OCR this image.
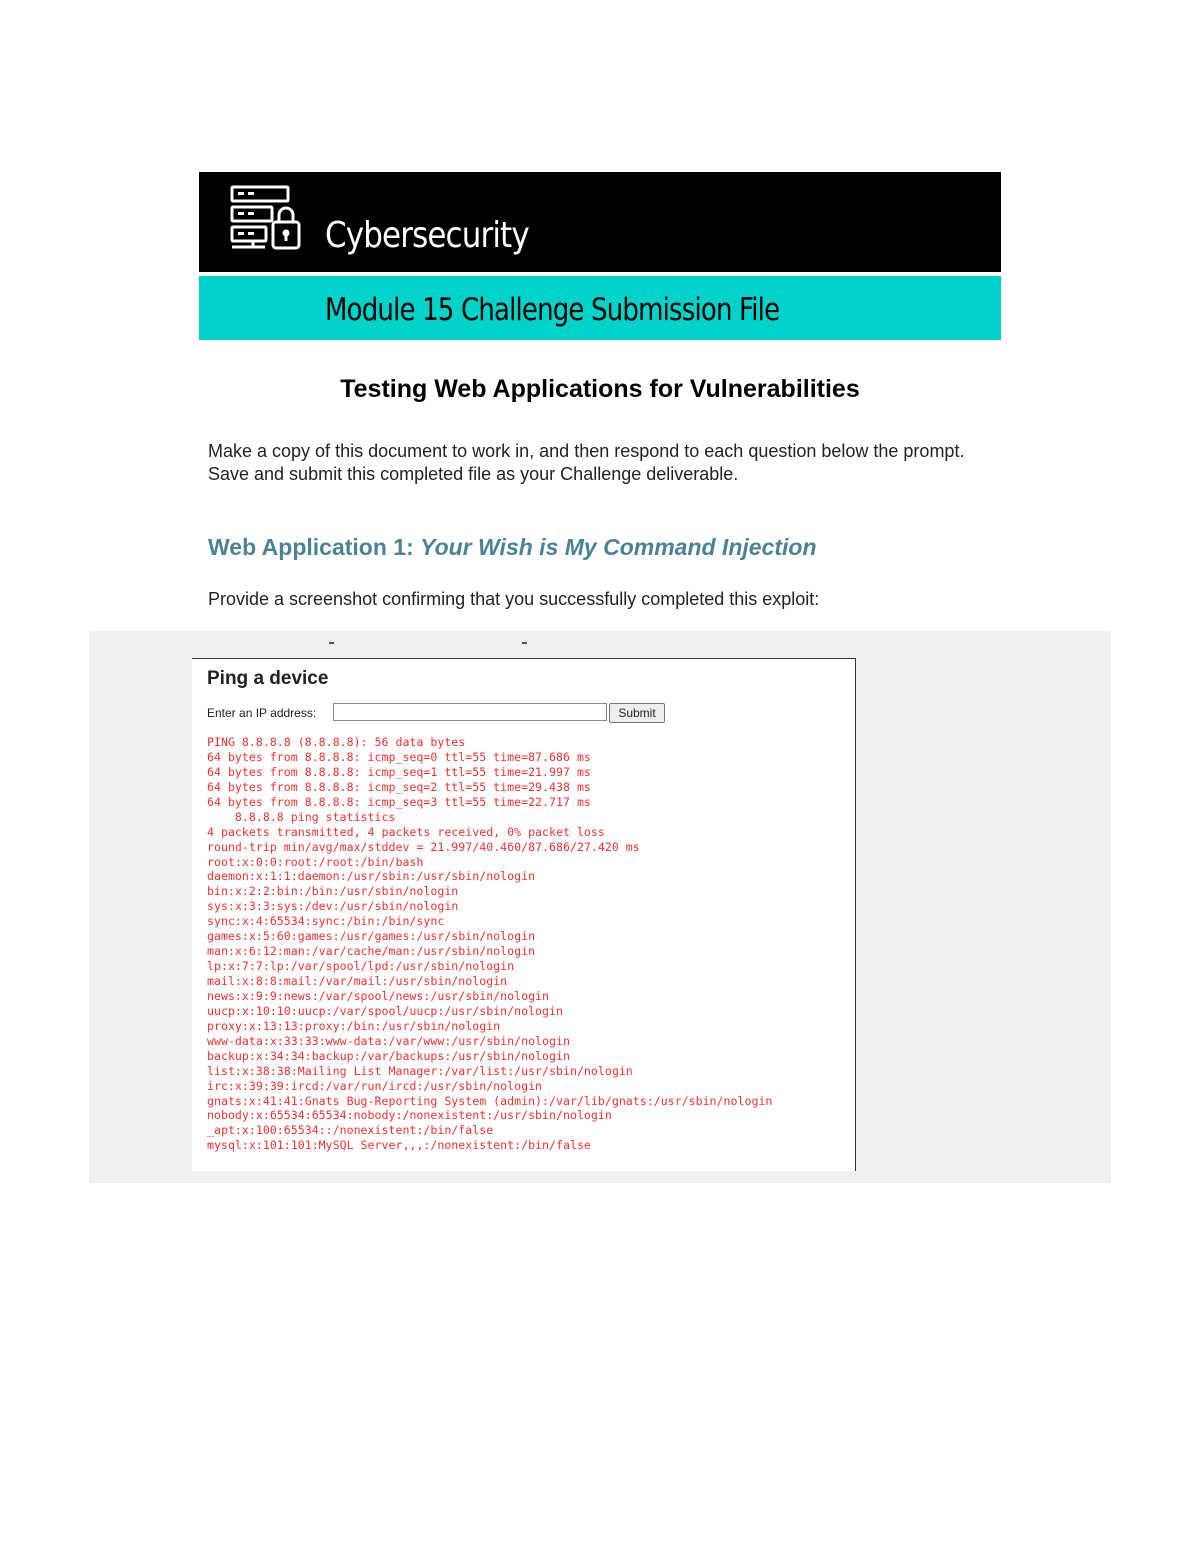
Cybersecurity
Module 15 Challenge Submission File
Testing Web Applications for Vulnerabilities

Make a copy of this document to work in, and then respond to each question below the prompt. Save and submit this completed file as your Challenge deliverable.

Web Application 1: Your Wish is My Command Injection

Provide a screenshot confirming that you successfully completed this exploit:

Ping a device
Enter an IP address:	Submit
PING 8.8.8.8 (8.8.8.8): 56 data bytes
64 bytes from 8.8.8.8: icmp_seq=0 ttl=55 time=87.686 ms
64 bytes from 8.8.8.8: icmp_seq=1 ttl=55 time=21.997 ms
64 bytes from 8.8.8.8: icmp_seq=2 ttl=55 time=29.438 ms
64 bytes from 8.8.8.8: icmp_seq=3 ttl=55 time=22.717 ms
8.8.8.8 ping statistics
4 packets transmitted, 4 packets received, 0% packet loss
round-trip min/avg/max/stddev = 21.997/40.460/87.686/27.420 ms
root:x:0:0:root:/root:/bin/bash
daemon:x:1:1:daemon:/usr/sbin:/usr/sbin/nologin
bin:x:2:2:bin:/bin:/usr/sbin/nologin
sys:x:3:3:sys:/dev:/usr/sbin/nologin
sync:x:4:65534:sync:/bin:/bin/sync
games:x:5:60:games:/usr/games:/usr/sbin/nologin
man:x:6:12:man:/var/cache/man:/usr/sbin/nologin
lp:x:7:7:lp:/var/spool/lpd:/usr/sbin/nologin
mail:x:8:8:mail:/var/mail:/usr/sbin/nologin
news:x:9:9:news:/var/spool/news:/usr/sbin/nologin
uucp:x:10:10:uucp:/var/spool/uucp:/usr/sbin/nologin
proxy:x:13:13:proxy:/bin:/usr/sbin/nologin
www-data:x:33:33:www-data:/var/www:/usr/sbin/nologin
backup:x:34:34:backup:/var/backups:/usr/sbin/nologin
list:x:38:38:Mailing List Manager:/var/list:/usr/sbin/nologin
irc:x:39:39:ircd:/var/run/ircd:/usr/sbin/nologin
gnats:x:41:41:Gnats Bug-Reporting System (admin):/var/lib/gnats:/usr/sbin/nologin
nobody:x:65534:65534:nobody:/nonexistent:/usr/sbin/nologin
_apt:x:100:65534::/nonexistent:/bin/false
mysql:x:101:101:MySQL Server,,,:/nonexistent:/bin/false
